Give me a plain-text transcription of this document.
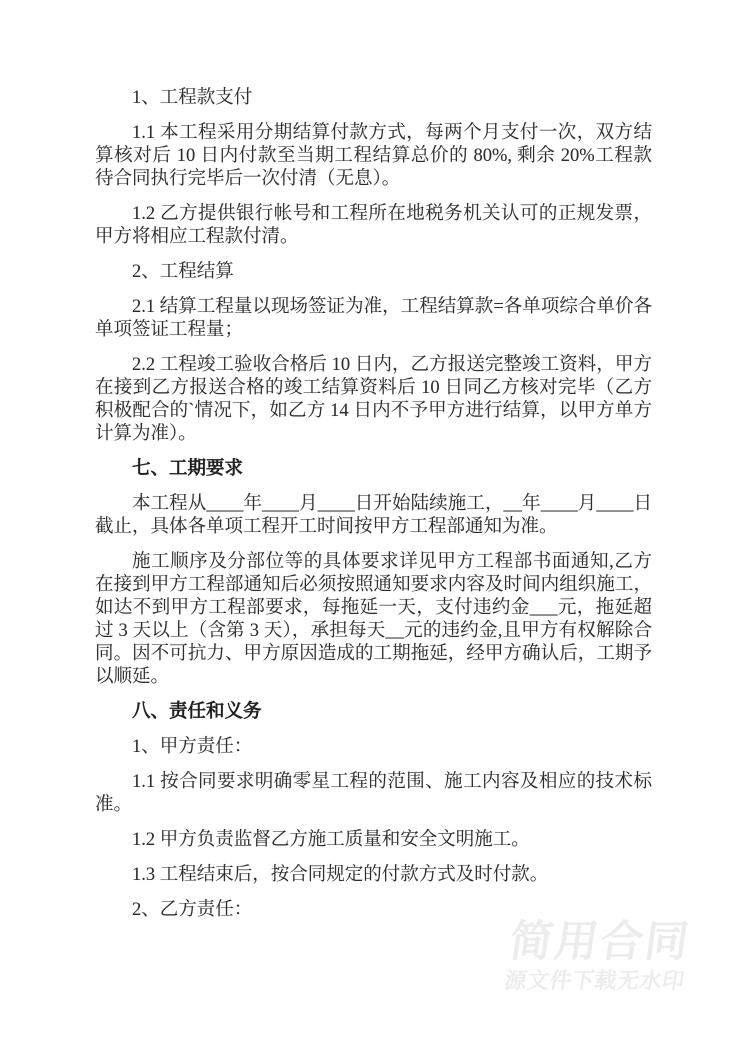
1、工程款支付

1.1 本工程采用分期结算付款方式，每两个月支付一次，双方结算核对后 10 日内付款至当期工程结算总价的 80%, 剩余 20%工程款待合同执行完毕后一次付清（无息）。

1.2 乙方提供银行帐号和工程所在地税务机关认可的正规发票，甲方将相应工程款付清。

2、工程结算

2.1 结算工程量以现场签证为准，工程结算款=各单项综合单价各单项签证工程量；

2.2 工程竣工验收合格后 10 日内，乙方报送完整竣工资料，甲方在接到乙方报送合格的竣工结算资料后 10 日同乙方核对完毕（乙方积极配合的`情况下，如乙方 14 日内不予甲方进行结算，以甲方单方计算为准）。

七、工期要求

本工程从____年____月____日开始陆续施工，__年____月____日截止，具体各单项工程开工时间按甲方工程部通知为准。

施工顺序及分部位等的具体要求详见甲方工程部书面通知,乙方在接到甲方工程部通知后必须按照通知要求内容及时间内组织施工，如达不到甲方工程部要求，每拖延一天，支付违约金___元，拖延超过 3 天以上（含第 3 天），承担每天__元的违约金,且甲方有权解除合同。因不可抗力、甲方原因造成的工期拖延，经甲方确认后，工期予以顺延。

八、责任和义务

1、甲方责任：

1.1 按合同要求明确零星工程的范围、施工内容及相应的技术标准。

1.2 甲方负责监督乙方施工质量和安全文明施工。

1.3 工程结束后，按合同规定的付款方式及时付款。

2、乙方责任：

简用合同
源文件下载无水印
